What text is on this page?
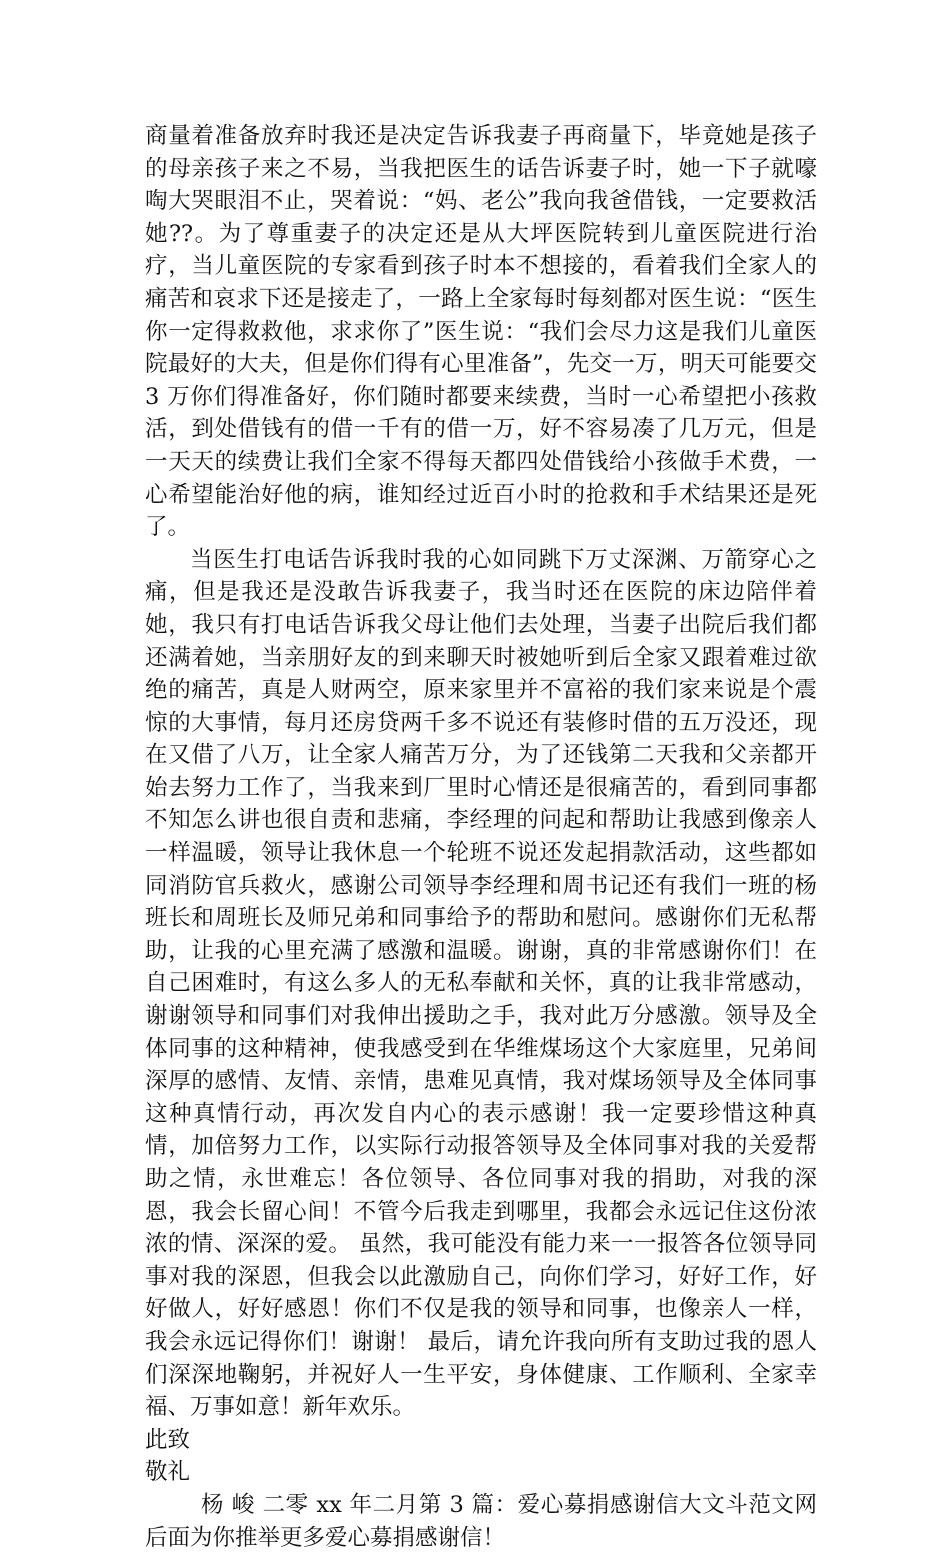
商量着准备放弃时我还是决定告诉我妻子再商量下，毕竟她是孩子的母亲孩子来之不易，当我把医生的话告诉妻子时，她一下子就嚎啕大哭眼泪不止，哭着说：“妈、老公”我向我爸借钱，一定要救活她??。为了尊重妻子的决定还是从大坪医院转到儿童医院进行治疗，当儿童医院的专家看到孩子时本不想接的，看着我们全家人的痛苦和哀求下还是接走了，一路上全家每时每刻都对医生说：“医生你一定得救救他，求求你了”医生说：“我们会尽力这是我们儿童医院最好的大夫，但是你们得有心里准备”，先交一万，明天可能要交 3 万你们得准备好，你们随时都要来续费，当时一心希望把小孩救活，到处借钱有的借一千有的借一万，好不容易凑了几万元，但是一天天的续费让我们全家不得每天都四处借钱给小孩做手术费，一心希望能治好他的病，谁知经过近百小时的抢救和手术结果还是死了。

当医生打电话告诉我时我的心如同跳下万丈深渊、万箭穿心之痛，但是我还是没敢告诉我妻子，我当时还在医院的床边陪伴着她，我只有打电话告诉我父母让他们去处理，当妻子出院后我们都还满着她，当亲朋好友的到来聊天时被她听到后全家又跟着难过欲绝的痛苦，真是人财两空，原来家里并不富裕的我们家来说是个震惊的大事情，每月还房贷两千多不说还有装修时借的五万没还，现在又借了八万，让全家人痛苦万分，为了还钱第二天我和父亲都开始去努力工作了，当我来到厂里时心情还是很痛苦的，看到同事都不知怎么讲也很自责和悲痛，李经理的问起和帮助让我感到像亲人一样温暖，领导让我休息一个轮班不说还发起捐款活动，这些都如同消防官兵救火，感谢公司领导李经理和周书记还有我们一班的杨班长和周班长及师兄弟和同事给予的帮助和慰问。感谢你们无私帮助，让我的心里充满了感激和温暖。谢谢，真的非常感谢你们！在自己困难时，有这么多人的无私奉献和关怀，真的让我非常感动，谢谢领导和同事们对我伸出援助之手，我对此万分感激。领导及全体同事的这种精神，使我感受到在华维煤场这个大家庭里，兄弟间深厚的感情、友情、亲情，患难见真情，我对煤场领导及全体同事这种真情行动，再次发自内心的表示感谢！我一定要珍惜这种真情，加倍努力工作，以实际行动报答领导及全体同事对我的关爱帮助之情，永世难忘！各位领导、各位同事对我的捐助，对我的深恩，我会长留心间！不管今后我走到哪里，我都会永远记住这份浓浓的情、深深的爱。 虽然，我可能没有能力来一一报答各位领导同事对我的深恩，但我会以此激励自己，向你们学习，好好工作，好好做人，好好感恩！你们不仅是我的领导和同事，也像亲人一样，我会永远记得你们！谢谢！ 最后，请允许我向所有支助过我的恩人们深深地鞠躬，并祝好人一生平安，身体健康、工作顺利、全家幸福、万事如意！新年欢乐。

此致

敬礼

杨 峻 二零 xx 年二月第 3 篇：爱心募捐感谢信大文斗范文网后面为你推举更多爱心募捐感谢信！
